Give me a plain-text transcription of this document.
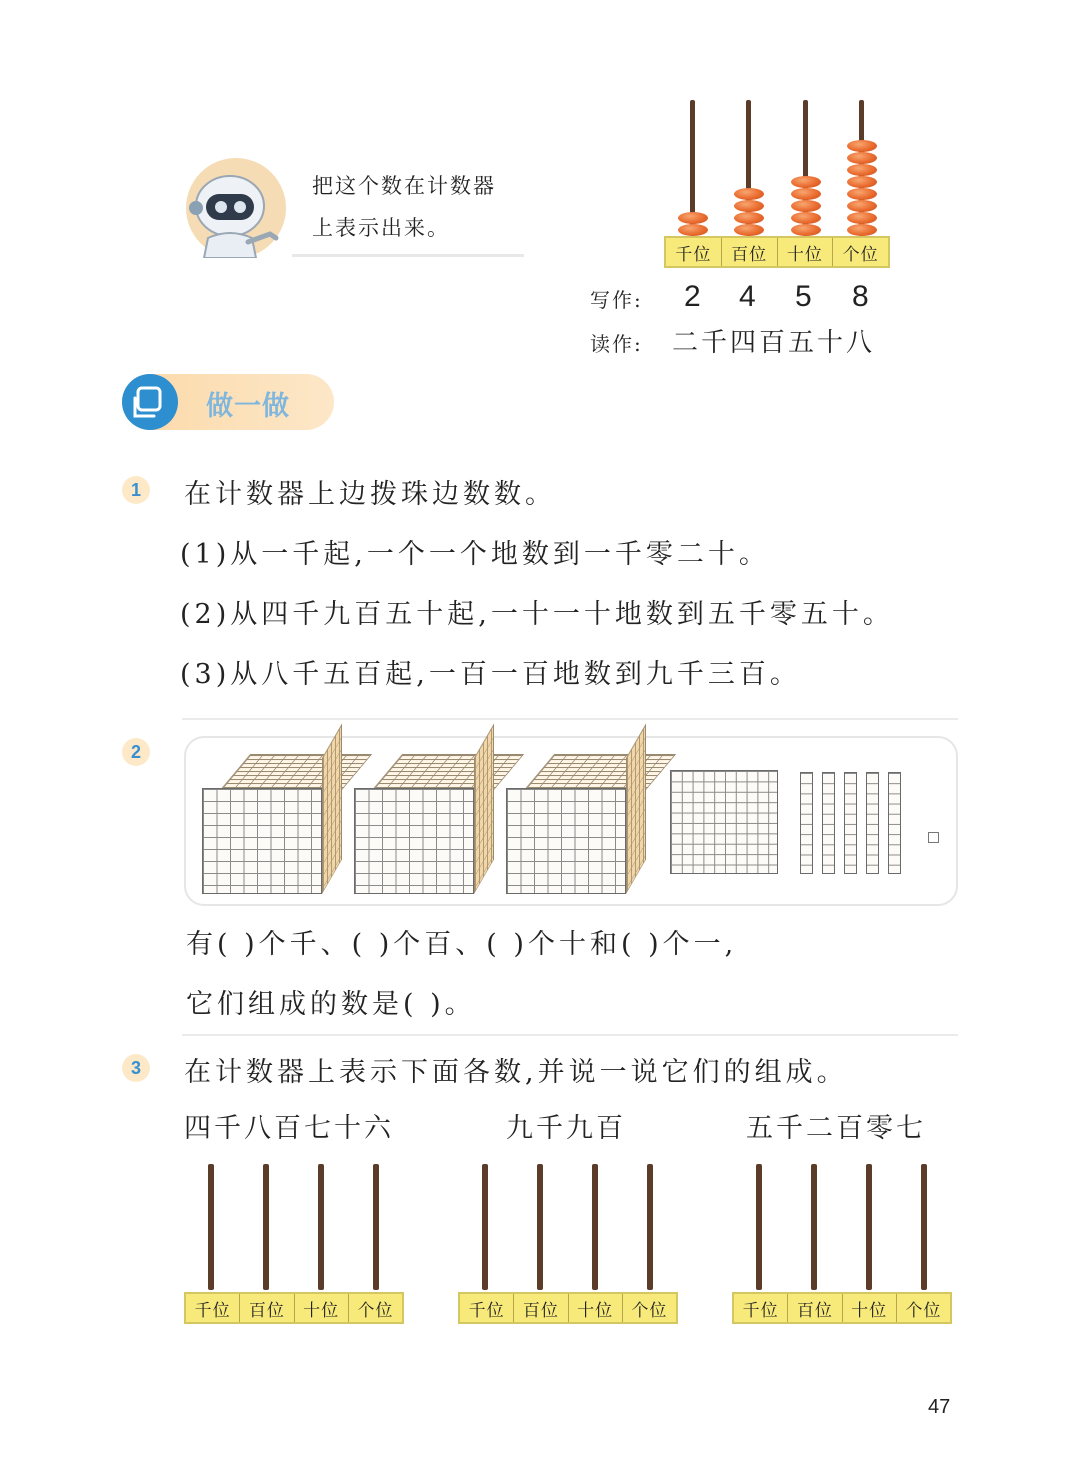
把这个数在计数器
上表示出来。
千位	百位	十位	个位
写作: 2 4 5 8
读作: 二千四百五十八
做一做
1	在计数器上边拨珠边数数。
(1)从一千起,一个一个地数到一千零二十。
(2)从四千九百五十起,一十一十地数到五千零五十。
(3)从八千五百起,一百一百地数到九千三百。
2
有( )个千、( )个百、( )个十和( )个一,
它们组成的数是( )。
3	在计数器上表示下面各数,并说一说它们的组成。
四千八百七十六	九千九百	五千二百零七
千位	百位	十位	个位	千位	百位	十位	个位	千位	百位	十位	个位
47
